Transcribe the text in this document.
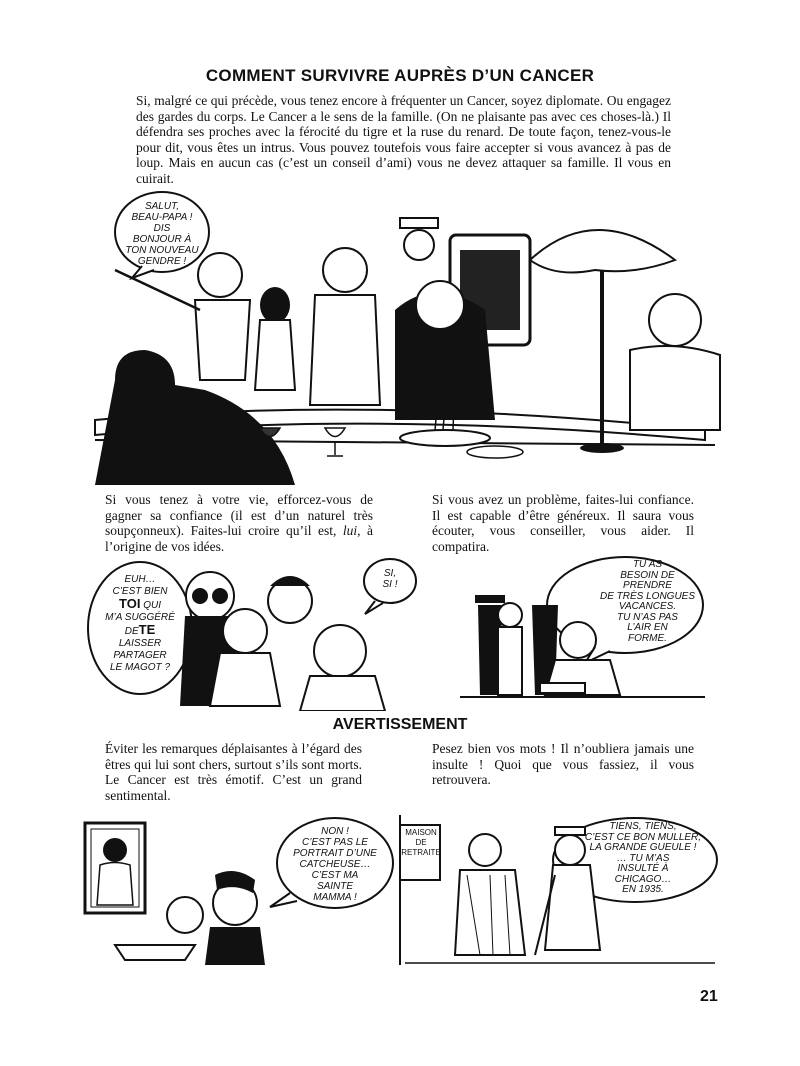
COMMENT SURVIVRE AUPRÈS D’UN CANCER
Si, malgré ce qui précède, vous tenez encore à fréquenter un Cancer, soyez diplomate. Ou engagez des gardes du corps. Le Cancer a le sens de la famille. (On ne plaisante pas avec ces choses-là.) Il défendra ses proches avec la férocité du tigre et la ruse du renard. De toute façon, tenez-vous-le pour dit, vous êtes un intrus. Vous pouvez toutefois vous faire accepter si vous avancez à pas de loup. Mais en aucun cas (c’est un conseil d’ami) vous ne devez attaquer sa famille. Il vous en cuirait.
SALUT,
BEAU-PAPA !
DIS
BONJOUR À
TON NOUVEAU
GENDRE !
Si vous tenez à votre vie, efforcez-vous de gagner sa confiance (il est d’un naturel très soupçonneux). Faites-lui croire qu’il est, lui, à l’origine de vos idées.
Si vous avez un problème, faites-lui confiance. Il est capable d’être généreux. Il saura vous écouter, vous conseiller, vous aider. Il compatira.
EUH…
C’EST BIEN
TOI QUI
M’A SUGGÉRÉ
DETE
LAISSER
PARTAGER
LE MAGOT ?
SI,
SI !
TU AS
BESOIN DE
PRENDRE
DE TRÈS LONGUES
VACANCES.
TU N’AS PAS
L’AIR EN
FORME.
AVERTISSEMENT
Éviter les remarques déplaisantes à l’égard des êtres qui lui sont chers, surtout s’ils sont morts. Le Cancer est très émotif. C’est un grand sentimental.
Pesez bien vos mots ! Il n’oubliera jamais une insulte ! Quoi que vous fassiez, il vous retrouvera.
NON !
C’EST PAS LE
PORTRAIT D’UNE
CATCHEUSE…
C’EST MA
SAINTE
MAMMA !
MAISON
DE
RETRAITE
TIENS, TIENS,
C’EST CE BON MULLER,
LA GRANDE GUEULE !
… TU M’AS
INSULTÉ À
CHICAGO…
EN 1935.
21
